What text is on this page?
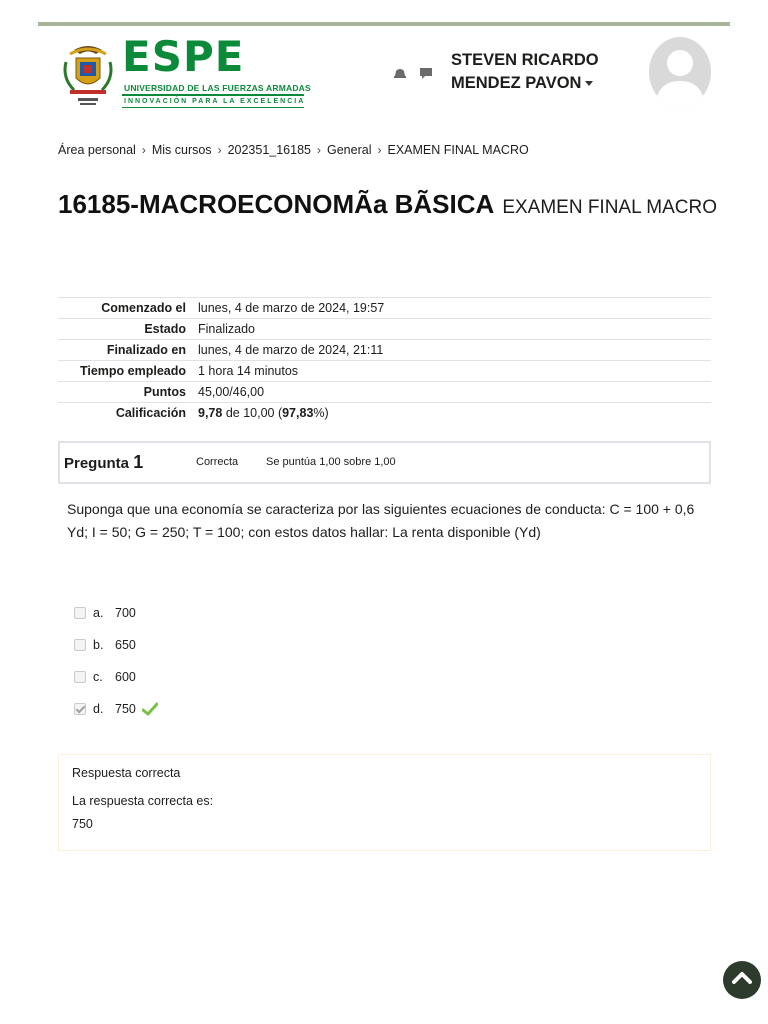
ESPE
UNIVERSIDAD DE LAS FUERZAS ARMADAS
INNOVACIÓN PARA LA EXCELENCIA
STEVEN RICARDO MENDEZ PAVON
Área personal › Mis cursos › 202351_16185 › General › EXAMEN FINAL MACRO
16185-MACROECONOMÃa BÃSICA EXAMEN FINAL MACRO
Comenzado el	lunes, 4 de marzo de 2024, 19:57
Estado	Finalizado
Finalizado en	lunes, 4 de marzo de 2024, 21:11
Tiempo empleado	1 hora 14 minutos
Puntos	45,00/46,00
Calificación	9,78 de 10,00 (97,83%)
Pregunta 1	Correcta	Se puntúa 1,00 sobre 1,00
Suponga que una economía se caracteriza por las siguientes ecuaciones de conducta: C = 100 + 0,6 Yd; I = 50; G = 250; T = 100; con estos datos hallar: La renta disponible (Yd)
a. 700
b. 650
c. 600
d. 750
Respuesta correcta
La respuesta correcta es:
750
